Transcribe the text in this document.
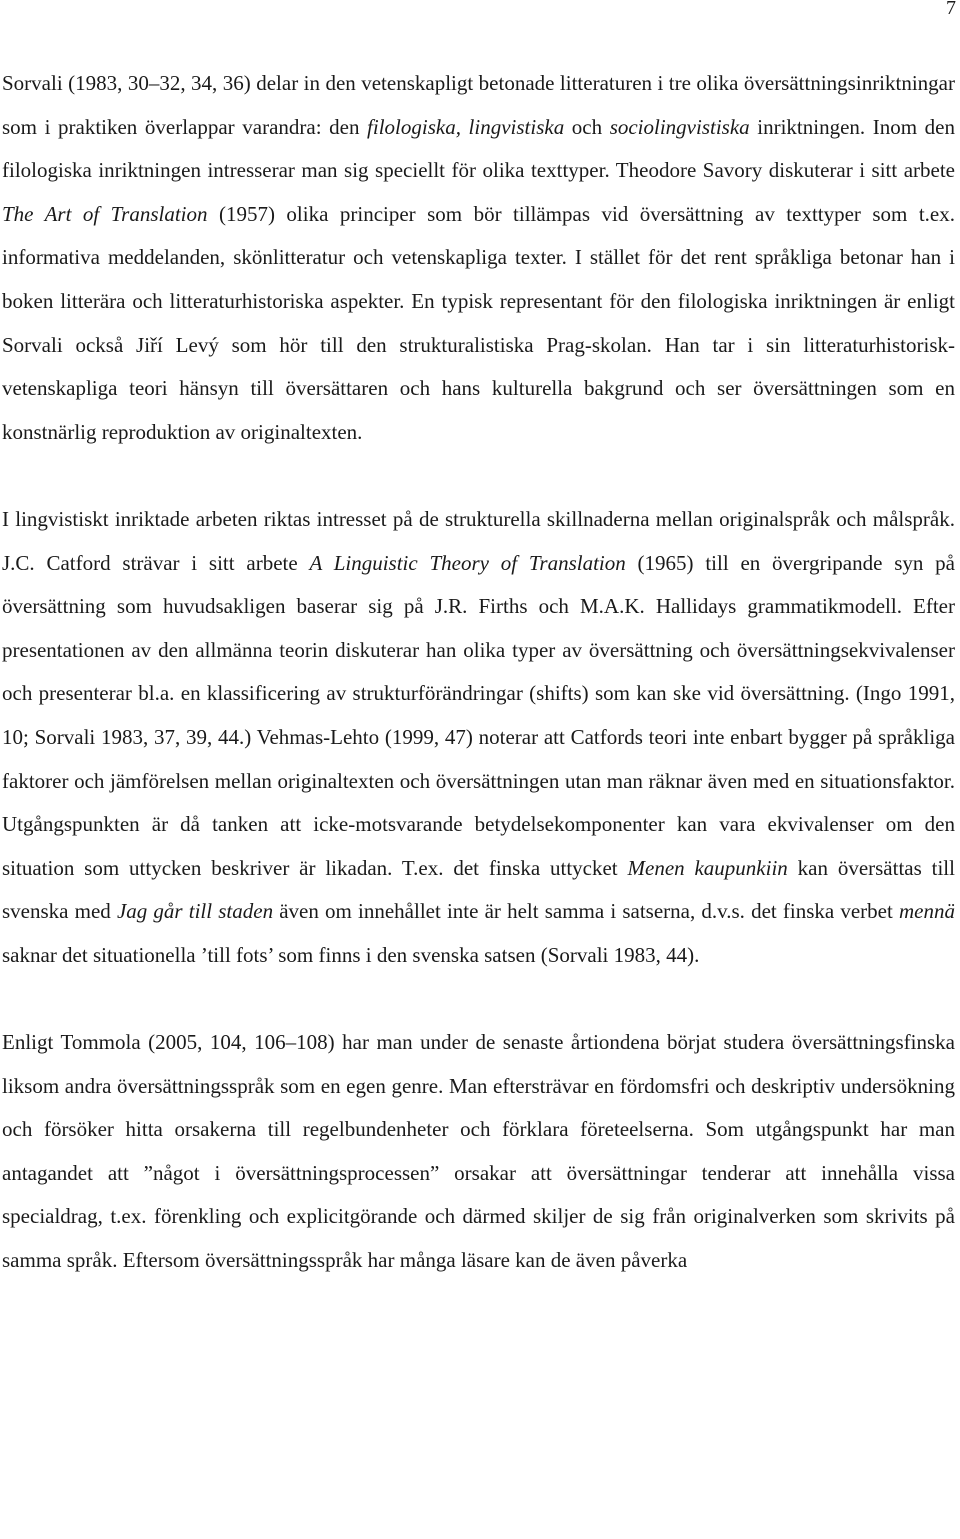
7

Sorvali (1983, 30–32, 34, 36) delar in den vetenskapligt betonade litteraturen i tre olika översättningsinriktningar som i praktiken överlappar varandra: den filologiska, lingvistiska och sociolingvistiska inriktningen. Inom den filologiska inriktningen intresserar man sig speciellt för olika texttyper. Theodore Savory diskuterar i sitt arbete The Art of Translation (1957) olika principer som bör tillämpas vid översättning av texttyper som t.ex. informativa meddelanden, skönlitteratur och vetenskapliga texter. I stället för det rent språkliga betonar han i boken litterära och litteraturhistoriska aspekter. En typisk representant för den filologiska inriktningen är enligt Sorvali också Jiří Levý som hör till den strukturalistiska Prag-skolan. Han tar i sin litteraturhistorisk-vetenskapliga teori hänsyn till översättaren och hans kulturella bakgrund och ser översättningen som en konstnärlig reproduktion av originaltexten.

I lingvistiskt inriktade arbeten riktas intresset på de strukturella skillnaderna mellan originalspråk och målspråk. J.C. Catford strävar i sitt arbete A Linguistic Theory of Translation (1965) till en övergripande syn på översättning som huvudsakligen baserar sig på J.R. Firths och M.A.K. Hallidays grammatikmodell. Efter presentationen av den allmänna teorin diskuterar han olika typer av översättning och översättningsekvivalenser och presenterar bl.a. en klassificering av strukturförändringar (shifts) som kan ske vid översättning. (Ingo 1991, 10; Sorvali 1983, 37, 39, 44.) Vehmas-Lehto (1999, 47) noterar att Catfords teori inte enbart bygger på språkliga faktorer och jämförelsen mellan originaltexten och översättningen utan man räknar även med en situationsfaktor. Utgångspunkten är då tanken att icke-motsvarande betydelsekomponenter kan vara ekvivalenser om den situation som uttycken beskriver är likadan. T.ex. det finska uttycket Menen kaupunkiin kan översättas till svenska med Jag går till staden även om innehållet inte är helt samma i satserna, d.v.s. det finska verbet mennä saknar det situationella ’till fots’ som finns i den svenska satsen (Sorvali 1983, 44).

Enligt Tommola (2005, 104, 106–108) har man under de senaste årtiondena börjat studera översättningsfinska liksom andra översättningsspråk som en egen genre. Man eftersträvar en fördomsfri och deskriptiv undersökning och försöker hitta orsakerna till regelbundenheter och förklara företeelserna. Som utgångspunkt har man antagandet att ”något i översättningsprocessen” orsakar att översättningar tenderar att innehålla vissa specialdrag, t.ex. förenkling och explicitgörande och därmed skiljer de sig från originalverken som skrivits på samma språk. Eftersom översättningsspråk har många läsare kan de även påverka
